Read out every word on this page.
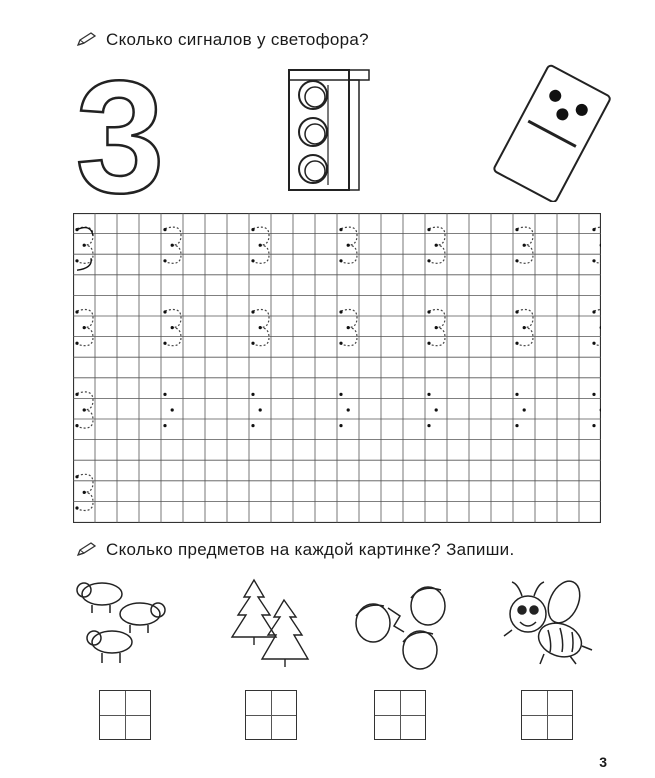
Сколько сигналов у светофора?
3
Сколько предметов на каждой картинке? Запиши.
3
